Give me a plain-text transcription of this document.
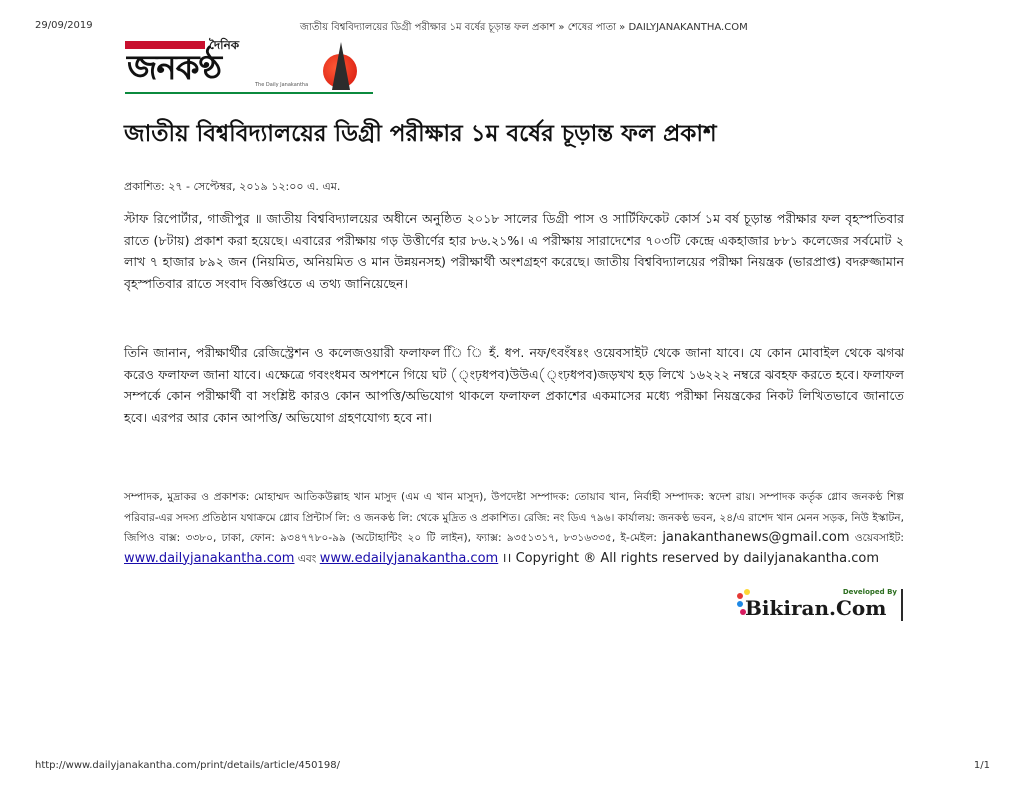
29/09/2019	জাতীয় বিশ্ববিদ্যালয়ের ডিগ্রী পরীক্ষার ১ম বর্ষের চূড়ান্ত ফল প্রকাশ » শেষের পাতা » DAILYJANAKANTHA.COM
দৈনিক
জনকণ্ঠ	The Daily Janakantha
জাতীয় বিশ্ববিদ্যালয়ের ডিগ্রী পরীক্ষার ১ম বর্ষের চূড়ান্ত ফল প্রকাশ
প্রকাশিত: ২৭ - সেপ্টেম্বর, ২০১৯ ১২:০০ এ. এম.

স্টাফ রিপোর্টার, গাজীপুর ॥ জাতীয় বিশ্ববিদ্যালয়ের অধীনে অনুষ্ঠিত ২০১৮ সালের ডিগ্রী পাস ও সার্টিফিকেট কোর্স ১ম বর্ষ চূড়ান্ত পরীক্ষার ফল বৃহস্পতিবার রাতে (৮টায়) প্রকাশ করা হয়েছে। এবারের পরীক্ষায় গড় উত্তীর্ণের হার ৮৬.২১%। এ পরীক্ষায় সারাদেশের ৭০৩টি কেন্দ্রে একহাজার ৮৮১ কলেজের সর্বমোট ২ লাখ ৭ হাজার ৮৯২ জন (নিয়মিত, অনিয়মিত ও মান উন্নয়নসহ) পরীক্ষার্থী অংশগ্রহণ করেছে। জাতীয় বিশ্ববিদ্যালয়ের পরীক্ষা নিয়ন্ত্রক (ভারপ্রাপ্ত) বদরুজ্জামান বৃহস্পতিবার রাতে সংবাদ বিজ্ঞপ্তিতে এ তথ্য জানিয়েছেন।

তিনি জানান, পরীক্ষার্থীর রেজিস্ট্রেশন ও কলেজওয়ারী ফলাফল িি ি হঁ. ধপ. নফ/ৎবংঁষঃং ওয়েবসাইট থেকে জানা যাবে। যে কোন মোবাইল থেকে ঝগঝ করেও ফলাফল জানা যাবে। এক্ষেত্রে গবংংধমব অপশনে গিয়ে ঘট (্ংঢ়ধপব)উউএ(্ংঢ়ধপব)জড়খখ হড় লিখে ১৬২২২ নম্বরে ঝবহফ করতে হবে। ফলাফল সম্পর্কে কোন পরীক্ষার্থী বা সংশ্লিষ্ট কারও কোন আপত্তি/অভিযোগ থাকলে ফলাফল প্রকাশের একমাসের মধ্যে পরীক্ষা নিয়ন্ত্রকের নিকট লিখিতভাবে জানাতে হবে। এরপর আর কোন আপত্তি/ অভিযোগ গ্রহণযোগ্য হবে না।

সম্পাদক, মুদ্রাকর ও প্রকাশক: মোহাম্মদ আতিকউল্লাহ খান মাসুদ (এম এ খান মাসুদ), উপদেষ্টা সম্পাদক: তোয়াব খান, নির্বাহী সম্পাদক: স্বদেশ রায়। সম্পাদক কর্তৃক গ্লোব জনকণ্ঠ শিল্প পরিবার-এর সদস্য প্রতিষ্ঠান যথাক্রমে গ্লোব প্রিন্টার্স লি: ও জনকণ্ঠ লি: থেকে মুদ্রিত ও প্রকাশিত। রেজি: নং ডিএ ৭৯৬। কার্যালয়: জনকণ্ঠ ভবন, ২৪/এ রাশেদ খান মেনন সড়ক, নিউ ইস্কাটন, জিপিও বাক্স: ৩৩৮০, ঢাকা, ফোন: ৯৩৪৭৭৮০-৯৯ (অটোহান্টিং ২০ টি লাইন), ফ্যাক্স: ৯৩৫১৩১৭, ৮৩১৬৩৩৫, ই-মেইল: janakanthanews@gmail.com ওয়েবসাইট: www.dailyjanakantha.com এবং www.edailyjanakantha.com ।। Copyright ® All rights reserved by dailyjanakantha.com
Developed By
Bikiran.Com
http://www.dailyjanakantha.com/print/details/article/450198/	1/1
